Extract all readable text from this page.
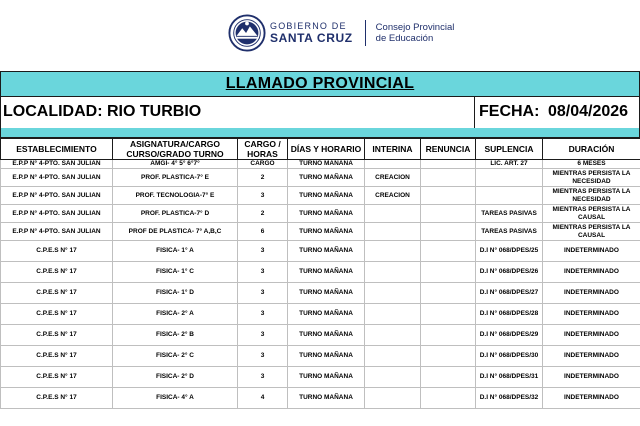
GOBIERNO DE
SANTA CRUZ
Consejo Provincial
de Educación
LLAMADO PROVINCIAL
LOCALIDAD: RIO TURBIO	FECHA: 08/04/2026
ESTABLECIMIENTO	ASIGNATURA/CARGO CURSO/GRADO TURNO	CARGO / HORAS	DÍAS Y HORARIO	INTERINA	RENUNCIA	SUPLENCIA	DURACIÓN
E.P.P N° 4-PTO. SAN JULIAN	AMGI- 4° 5° 6°7°	CARGO	TURNO MAÑANA			LIC. ART. 27	6 MESES
E.P.P N° 4-PTO. SAN JULIAN	PROF. PLASTICA-7° E	2	TURNO MAÑANA	CREACION			MIENTRAS PERSISTA LA NECESIDAD
E.P.P N° 4-PTO. SAN JULIAN	PROF. TECNOLOGIA-7° E	3	TURNO MAÑANA	CREACION			MIENTRAS PERSISTA LA NECESIDAD
E.P.P N° 4-PTO. SAN JULIAN	PROF. PLASTICA-7° D	2	TURNO MAÑANA			TAREAS PASIVAS	MIENTRAS PERSISTA LA CAUSAL
E.P.P N° 4-PTO. SAN JULIAN	PROF DE PLASTICA- 7° A,B,C	6	TURNO MAÑANA			TAREAS PASIVAS	MIENTRAS PERSISTA LA CAUSAL
C.P.E.S N° 17	FISICA- 1° A	3	TURNO MAÑANA			D.I N° 068/DPES/25	INDETERMINADO
C.P.E.S N° 17	FISICA- 1° C	3	TURNO MAÑANA			D.I N° 068/DPES/26	INDETERMINADO
C.P.E.S N° 17	FISICA- 1° D	3	TURNO MAÑANA			D.I N° 068/DPES/27	INDETERMINADO
C.P.E.S N° 17	FISICA- 2° A	3	TURNO MAÑANA			D.I N° 068/DPES/28	INDETERMINADO
C.P.E.S N° 17	FISICA- 2° B	3	TURNO MAÑANA			D.I N° 068/DPES/29	INDETERMINADO
C.P.E.S N° 17	FISICA- 2° C	3	TURNO MAÑANA			D.I N° 068/DPES/30	INDETERMINADO
C.P.E.S N° 17	FISICA- 2° D	3	TURNO MAÑANA			D.I N° 068/DPES/31	INDETERMINADO
C.P.E.S N° 17	FISICA- 4° A	4	TURNO MAÑANA			D.I N° 068/DPES/32	INDETERMINADO
